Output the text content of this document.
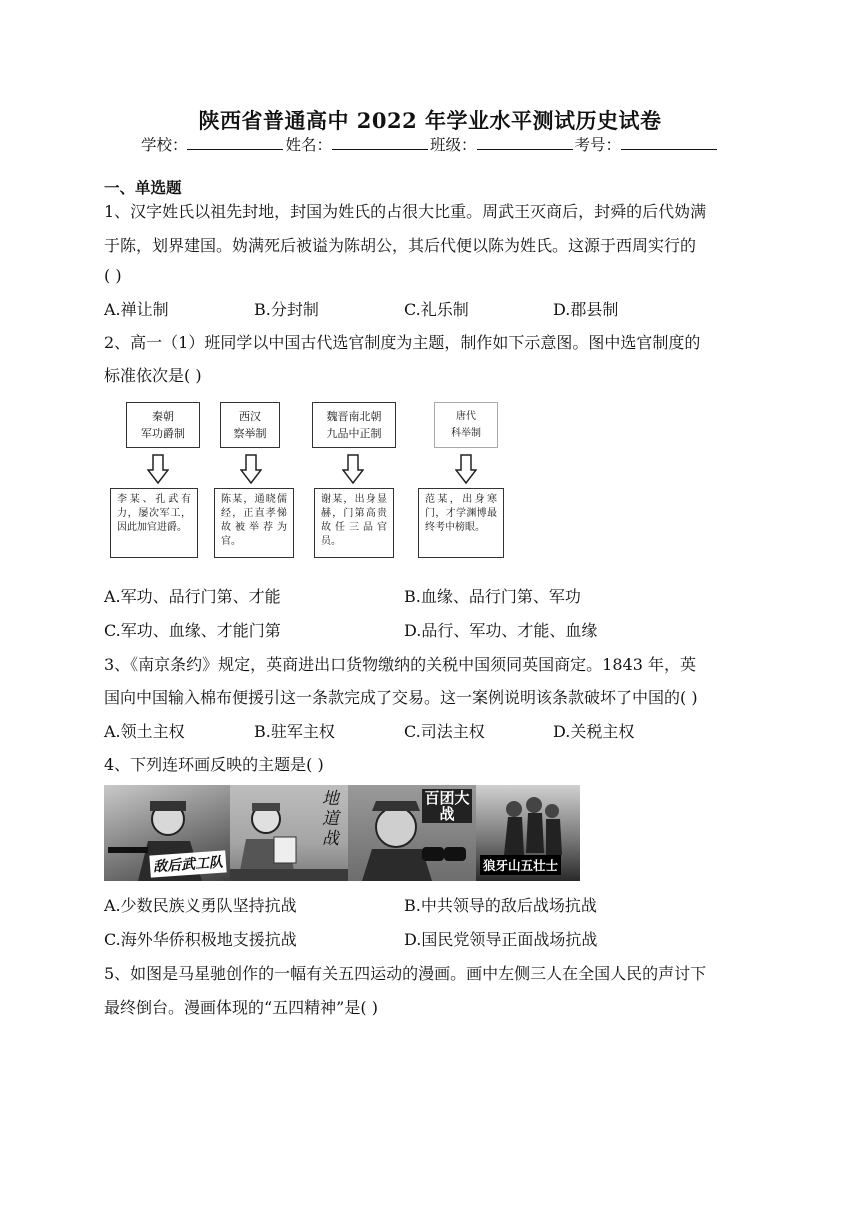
陕西省普通高中 2022 年学业水平测试历史试卷
学校：	姓名：	班级：	考号：
一、单选题
1、汉字姓氏以祖先封地，封国为姓氏的占很大比重。周武王灭商后，封舜的后代妫满
于陈，划界建国。妫满死后被谥为陈胡公，其后代便以陈为姓氏。这源于西周实行的
( )
A.禅让制	B.分封制	C.礼乐制	D.郡县制
2、高一（1）班同学以中国古代选官制度为主题，制作如下示意图。图中选官制度的
标准依次是( )
秦朝
军功爵制
西汉
察举制
魏晋南北朝
九品中正制
唐代
科举制
李某、孔武有力，屡次军工，因此加官进爵。
陈某，通晓儒经，正直孝悌故被举荐为官。
谢某，出身显赫，门第高贵故任三品官员。
范某，出身寒门，才学渊博最终考中榜眼。
A.军功、品行门第、才能	B.血缘、品行门第、军功
C.军功、血缘、才能门第	D.品行、军功、才能、血缘
3、《南京条约》规定，英商进出口货物缴纳的关税中国须同英国商定。1843 年，英
国向中国输入棉布便援引这一条款完成了交易。这一案例说明该条款破坏了中国的( )
A.领土主权	B.驻军主权	C.司法主权	D.关税主权
4、下列连环画反映的主题是( )
敌后武工队
地道战
百团大战
狼牙山五壮士
A.少数民族义勇队坚持抗战	B.中共领导的敌后战场抗战
C.海外华侨积极地支援抗战	D.国民党领导正面战场抗战
5、如图是马星驰创作的一幅有关五四运动的漫画。画中左侧三人在全国人民的声讨下
最终倒台。漫画体现的“五四精神”是( )
